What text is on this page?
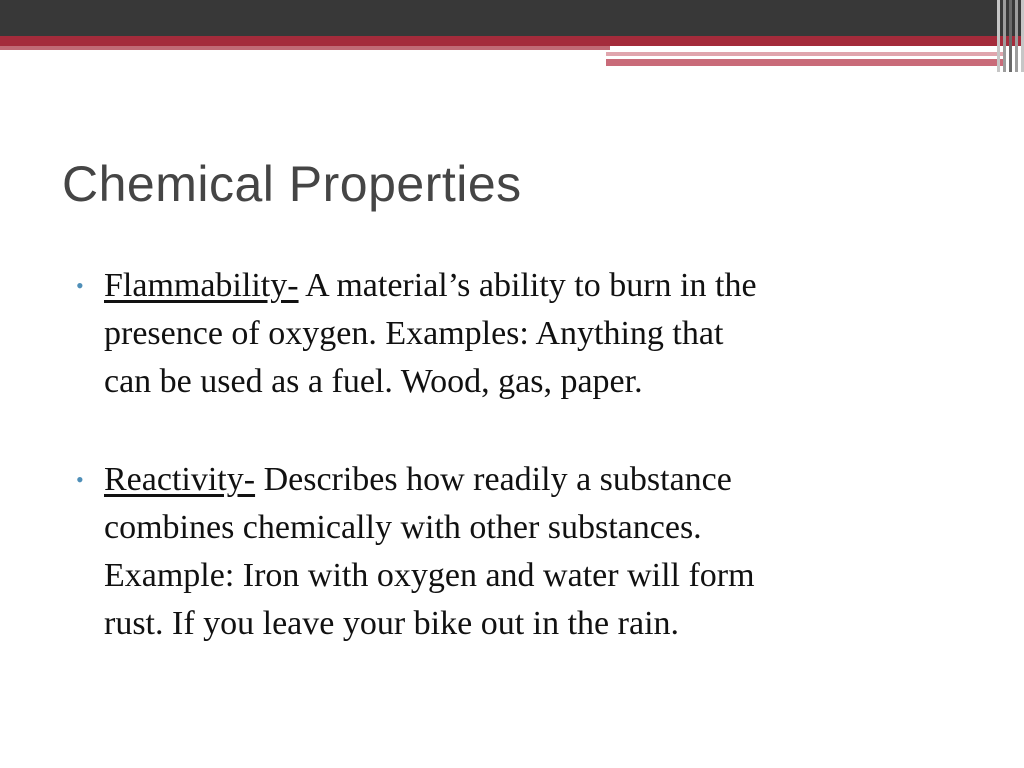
Chemical Properties
• Flammability- A material’s ability to burn in the
presence of oxygen. Examples: Anything that
can be used as a fuel. Wood, gas, paper.
• Reactivity- Describes how readily a substance
combines chemically with other substances.
Example: Iron with oxygen and water will form
rust. If you leave your bike out in the rain.
